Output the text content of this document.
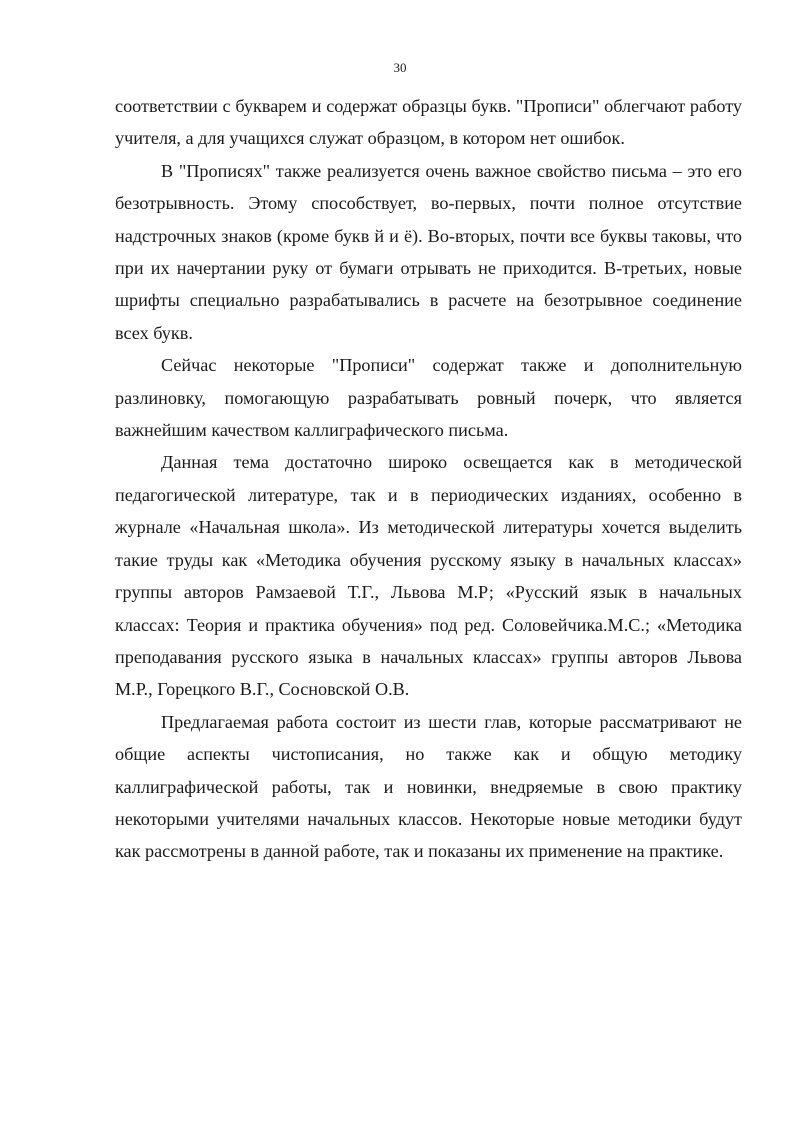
30

соответствии с букварем и содержат образцы букв. "Прописи" облегчают работу учителя, а для учащихся служат образцом, в котором нет ошибок.

В "Прописях" также реализуется очень важное свойство письма – это его безотрывность. Этому способствует, во-первых, почти полное отсутствие надстрочных знаков (кроме букв й и ё). Во-вторых, почти все буквы таковы, что при их начертании руку от бумаги отрывать не приходится. В-третьих, новые шрифты специально разрабатывались в расчете на безотрывное соединение всех букв.

Сейчас некоторые "Прописи" содержат также и дополнительную разлиновку, помогающую разрабатывать ровный почерк, что является важнейшим качеством каллиграфического письма.

Данная тема достаточно широко освещается как в методической педагогической литературе, так и в периодических изданиях, особенно в журнале «Начальная школа». Из методической литературы хочется выделить такие труды как «Методика обучения русскому языку в начальных классах» группы авторов Рамзаевой Т.Г., Львова М.Р; «Русский язык в начальных классах: Теория и практика обучения» под ред. Соловейчика.М.С.; «Методика преподавания русского языка в начальных классах» группы авторов Львова М.Р., Горецкого В.Г., Сосновской О.В.

Предлагаемая работа состоит из шести глав, которые рассматривают не общие аспекты чистописания, но также как и общую методику каллиграфической работы, так и новинки, внедряемые в свою практику некоторыми учителями начальных классов. Некоторые новые методики будут как рассмотрены в данной работе, так и показаны их применение на практике.
